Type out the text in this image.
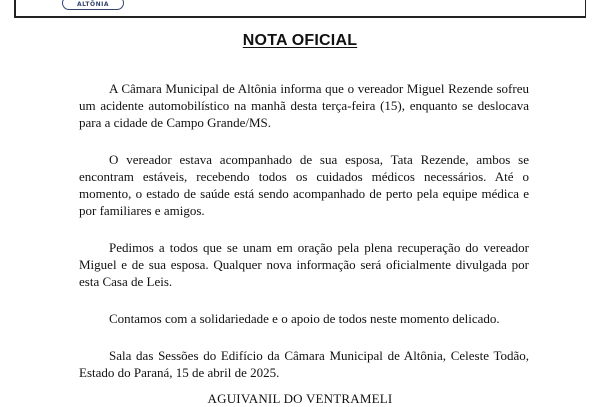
ALTÔNIA
NOTA OFICIAL

A Câmara Municipal de Altônia informa que o vereador Miguel Rezende sofreu um acidente automobilístico na manhã desta terça-feira (15), enquanto se deslocava para a cidade de Campo Grande/MS.

O vereador estava acompanhado de sua esposa, Tata Rezende, ambos se encontram estáveis, recebendo todos os cuidados médicos necessários. Até o momento, o estado de saúde está sendo acompanhado de perto pela equipe médica e por familiares e amigos.

Pedimos a todos que se unam em oração pela plena recuperação do vereador Miguel e de sua esposa. Qualquer nova informação será oficialmente divulgada por esta Casa de Leis.

Contamos com a solidariedade e o apoio de todos neste momento delicado.

Sala das Sessões do Edifício da Câmara Municipal de Altônia, Celeste Todão, Estado do Paraná, 15 de abril de 2025.

AGUIVANIL DO VENTRAMELI
